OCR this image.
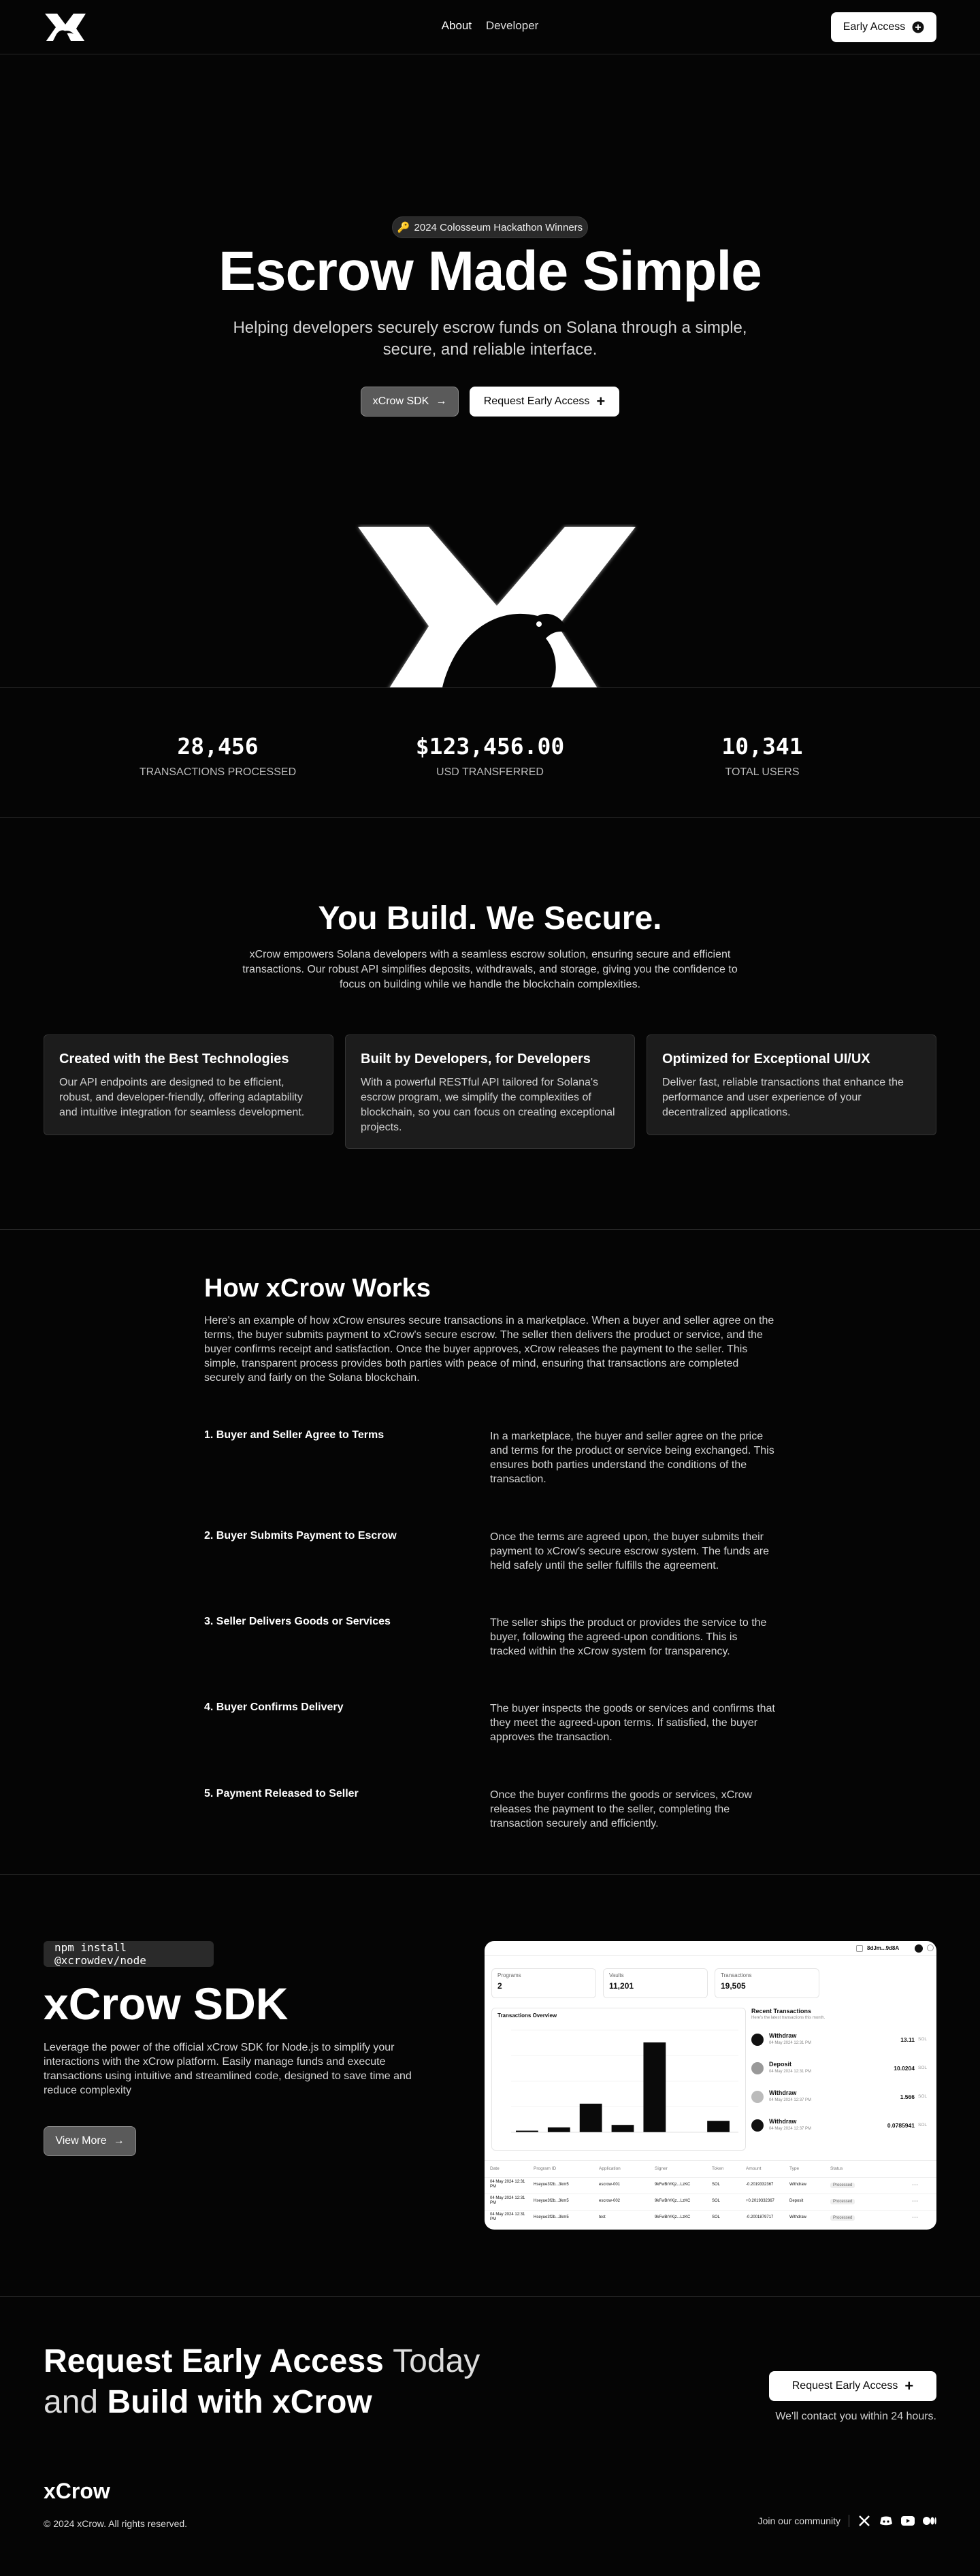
About Developer	Early Access
🔑 2024 Colosseum Hackathon Winners
Escrow Made Simple

Helping developers securely escrow funds on Solana through a simple, secure, and reliable interface.

xCrow SDK →	Request Early Access +
28,456
TRANSACTIONS PROCESSED
$123,456.00
USD TRANSFERRED
10,341
TOTAL USERS
You Build. We Secure.

xCrow empowers Solana developers with a seamless escrow solution, ensuring secure and efficient transactions. Our robust API simplifies deposits, withdrawals, and storage, giving you the confidence to focus on building while we handle the blockchain complexities.

Created with the Best Technologies

Our API endpoints are designed to be efficient, robust, and developer-friendly, offering adaptability and intuitive integration for seamless development.

Built by Developers, for Developers

With a powerful RESTful API tailored for Solana's escrow program, we simplify the complexities of blockchain, so you can focus on creating exceptional projects.

Optimized for Exceptional UI/UX

Deliver fast, reliable transactions that enhance the performance and user experience of your decentralized applications.

How xCrow Works

Here's an example of how xCrow ensures secure transactions in a marketplace. When a buyer and seller agree on the terms, the buyer submits payment to xCrow's secure escrow. The seller then delivers the product or service, and the buyer confirms receipt and satisfaction. Once the buyer approves, xCrow releases the payment to the seller. This simple, transparent process provides both parties with peace of mind, ensuring that transactions are completed securely and fairly on the Solana blockchain.

1. Buyer and Seller Agree to Terms	In a marketplace, the buyer and seller agree on the price and terms for the product or service being exchanged. This ensures both parties understand the conditions of the transaction.
2. Buyer Submits Payment to Escrow	Once the terms are agreed upon, the buyer submits their payment to xCrow's secure escrow system. The funds are held safely until the seller fulfills the agreement.
3. Seller Delivers Goods or Services	The seller ships the product or provides the service to the buyer, following the agreed-upon conditions. This is tracked within the xCrow system for transparency.
4. Buyer Confirms Delivery	The buyer inspects the goods or services and confirms that they meet the agreed-upon terms. If satisfied, the buyer approves the transaction.
5. Payment Released to Seller	Once the buyer confirms the goods or services, xCrow releases the payment to the seller, completing the transaction securely and efficiently.
npm install @xcrowdev/node
xCrow SDK

Leverage the power of the official xCrow SDK for Node.js to simplify your interactions with the xCrow platform. Easily manage funds and execute transactions using intuitive and streamlined code, designed to save time and reduce complexity

View More →
8dJm...9d8A
Programs
2
Vaults
11,201
Transactions
19,505
Transactions Overview
Recent Transactions
Here's the latest transactions this month.
Withdraw
04 May 2024 12:31 PM	13.11 SOL
Deposit
04 May 2024 12:31 PM	10.0204 SOL
Withdraw
04 May 2024 12:37 PM	1.566 SOL
Withdraw
04 May 2024 12:37 PM	0.0785941 SOL
Date	Program ID	Application	Signer	Token	Amount	Type	Status
04 May 2024 12:31 PM	Hseyue3f2b...3km5	escrow-001	9kFwBrVKjz...LzKC	SOL	-0.2019332367	Withdraw	Processed	⋯
04 May 2024 12:31 PM	Hseyue3f2b...3km5	escrow-002	9kFwBrVKjz...LzKC	SOL	+0.2019332367	Deposit	Processed	⋯
04 May 2024 12:31 PM	Hseyue3f2b...3km5	test	9kFwBrVKjz...LzKC	SOL	-0.2001879717	Withdraw	Processed	⋯
Request Early Access Today
and Build with xCrow	Request Early Access +

We'll contact you within 24 hours.

xCrow
© 2024 xCrow. All rights reserved.	Join our community
